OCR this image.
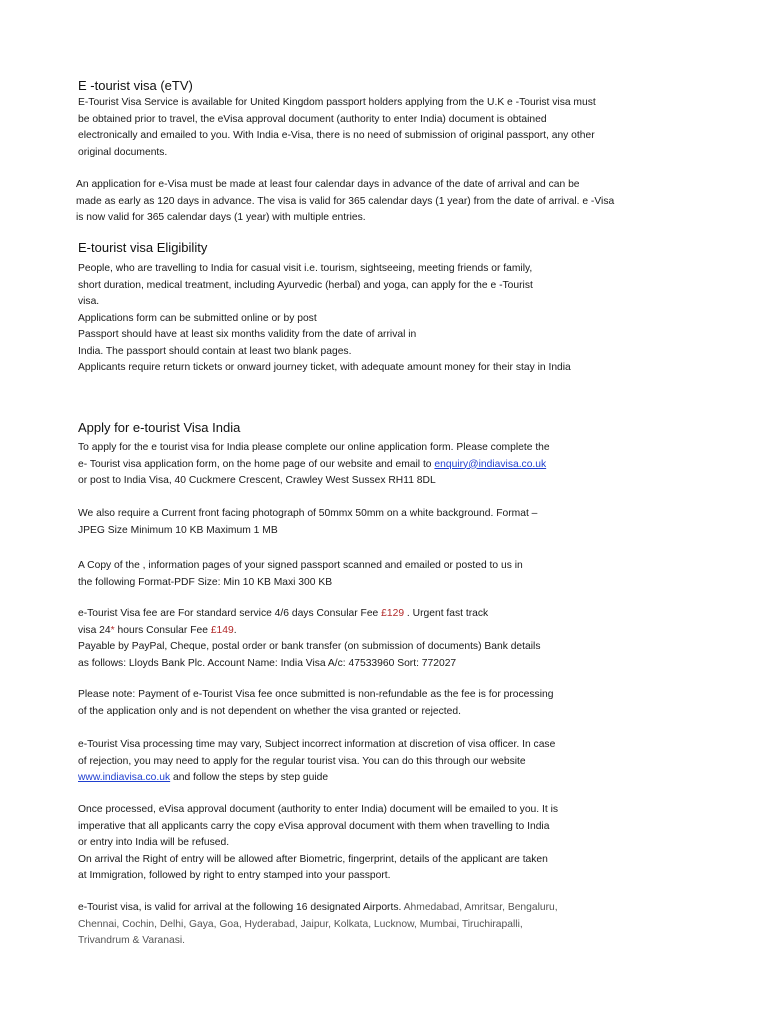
E -tourist visa (eTV)

E-Tourist Visa Service is available for United Kingdom passport holders applying from the U.K e -Tourist visa must
be obtained prior to travel, the eVisa approval document (authority to enter India) document is obtained
electronically and emailed to you. With India e-Visa, there is no need of submission of original passport, any other
original documents.

An application for e-Visa must be made at least four calendar days in advance of the date of arrival and can be
made as early as 120 days in advance. The visa is valid for 365 calendar days (1 year) from the date of arrival. e -Visa
is now valid for 365 calendar days (1 year) with multiple entries.

E-tourist visa Eligibility

People, who are travelling to India for casual visit i.e. tourism, sightseeing, meeting friends or family,
short duration, medical treatment, including Ayurvedic (herbal) and yoga, can apply for the e -Tourist
visa.
Applications form can be submitted online or by post
Passport should have at least six months validity from the date of arrival in
India. The passport should contain at least two blank pages.
Applicants require return tickets or onward journey ticket, with adequate amount money for their stay in India

Apply for e-tourist Visa India

To apply for the e tourist visa for India please complete our online application form. Please complete the
e- Tourist visa application form, on the home page of our website and email to enquiry@indiavisa.co.uk
or post to India Visa, 40 Cuckmere Crescent, Crawley West Sussex RH11 8DL

We also require a Current front facing photograph of 50mmx 50mm on a white background. Format –
JPEG Size Minimum 10 KB Maximum 1 MB

A Copy of the , information pages of your signed passport scanned and emailed or posted to us in
the following Format-PDF Size: Min 10 KB Maxi 300 KB

e-Tourist Visa fee are For standard service 4/6 days Consular Fee £129 . Urgent fast track
visa 24* hours Consular Fee £149.
Payable by PayPal, Cheque, postal order or bank transfer (on submission of documents) Bank details
as follows: Lloyds Bank Plc. Account Name: India Visa A/c: 47533960 Sort: 772027

Please note: Payment of e-Tourist Visa fee once submitted is non-refundable as the fee is for processing
of the application only and is not dependent on whether the visa granted or rejected.

e-Tourist Visa processing time may vary, Subject incorrect information at discretion of visa officer. In case
of rejection, you may need to apply for the regular tourist visa. You can do this through our website
www.indiavisa.co.uk and follow the steps by step guide

Once processed, eVisa approval document (authority to enter India) document will be emailed to you. It is
imperative that all applicants carry the copy eVisa approval document with them when travelling to India
or entry into India will be refused.
On arrival the Right of entry will be allowed after Biometric, fingerprint, details of the applicant are taken
at Immigration, followed by right to entry stamped into your passport.

e-Tourist visa, is valid for arrival at the following 16 designated Airports. Ahmedabad, Amritsar, Bengaluru,
Chennai, Cochin, Delhi, Gaya, Goa, Hyderabad, Jaipur, Kolkata, Lucknow, Mumbai, Tiruchirapalli,
Trivandrum & Varanasi.
